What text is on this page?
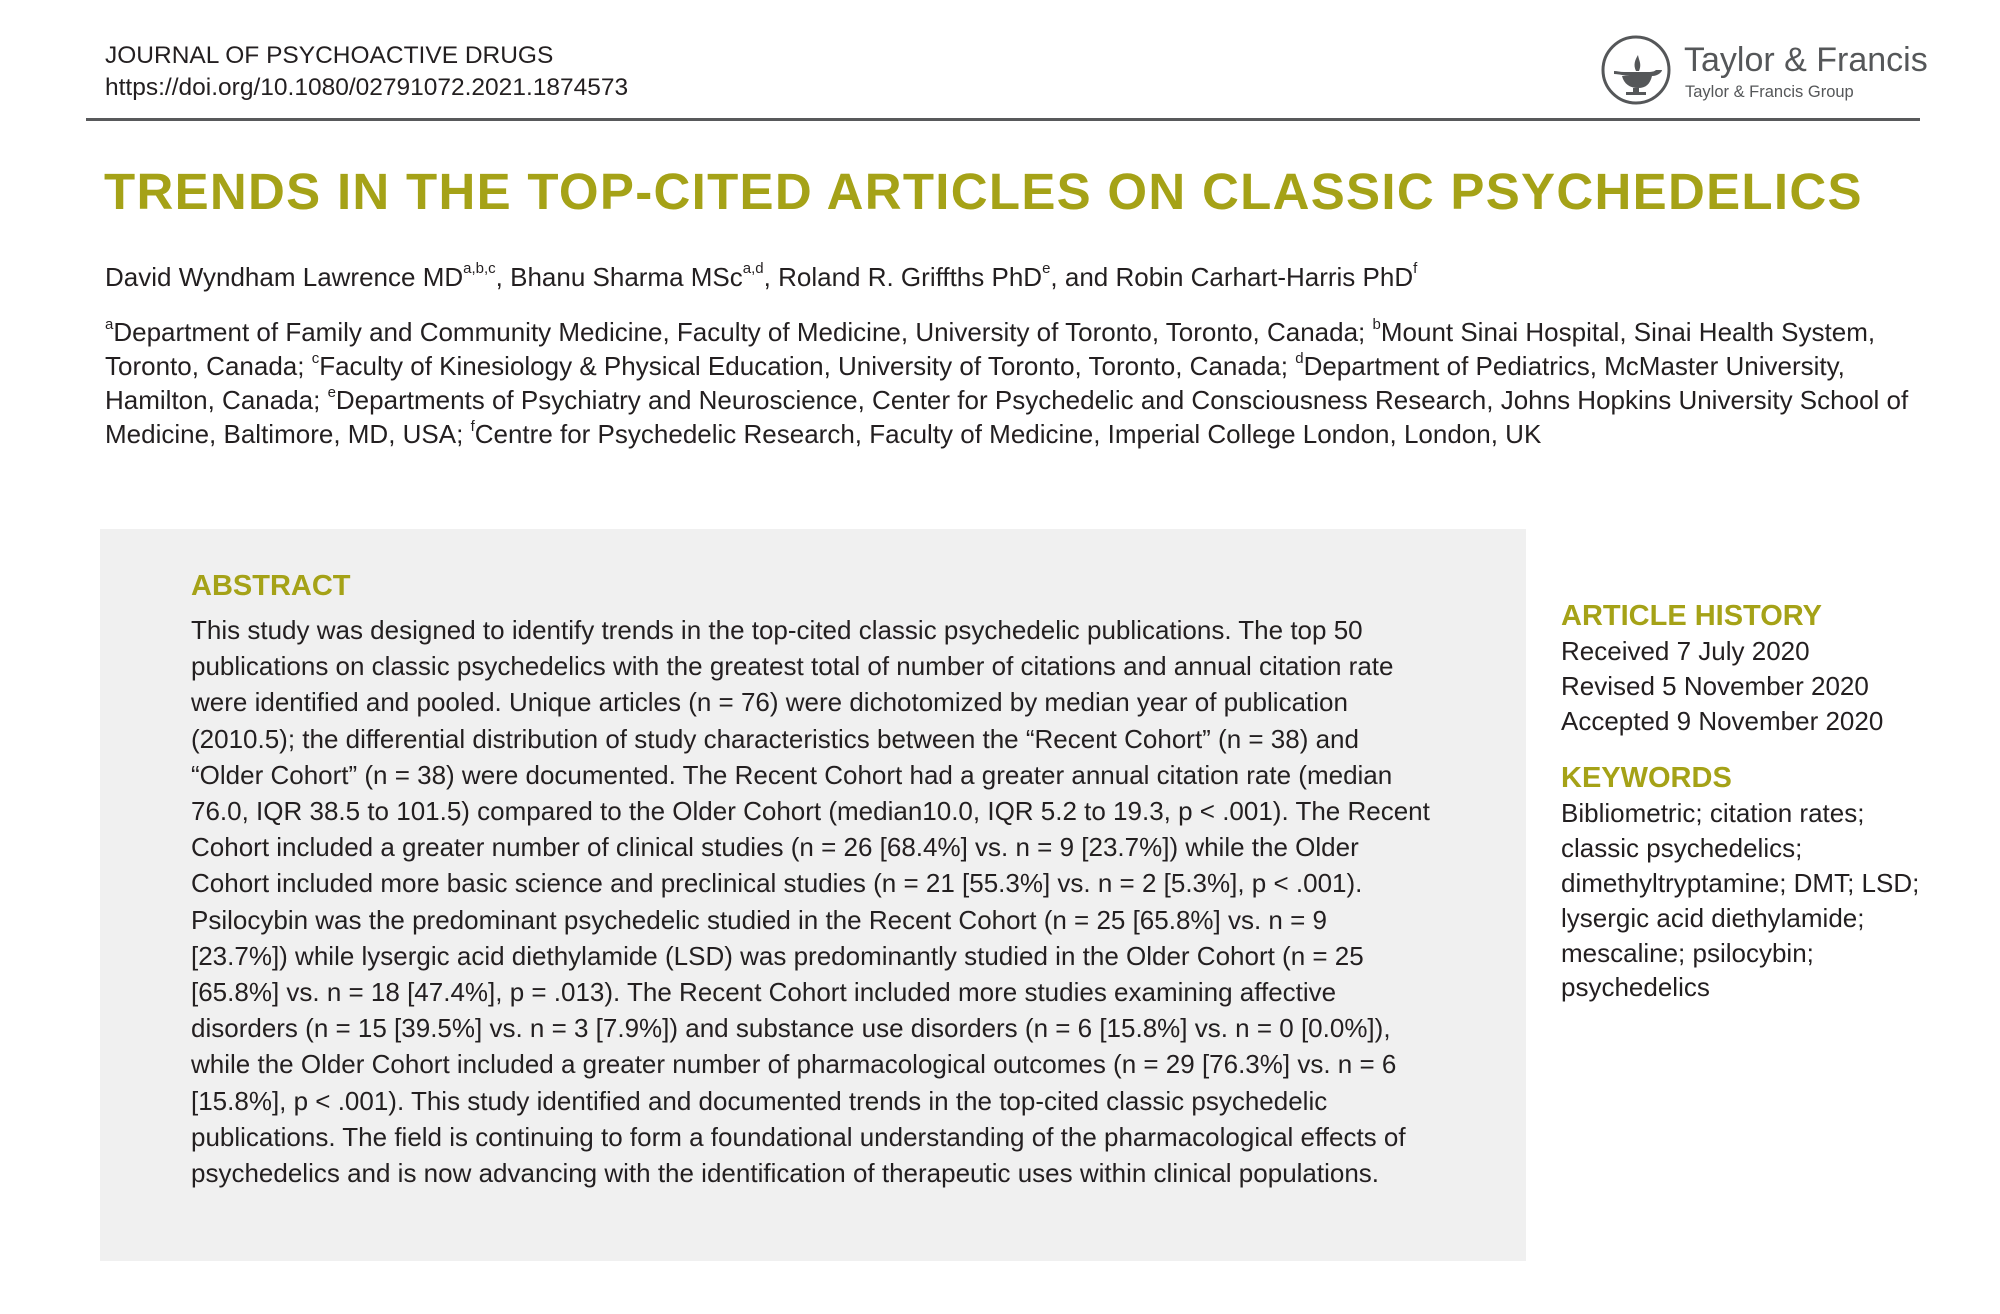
JOURNAL OF PSYCHOACTIVE DRUGS
https://doi.org/10.1080/02791072.2021.1874573
Taylor & Francis
Taylor & Francis Group
TRENDS IN THE TOP-CITED ARTICLES ON CLASSIC PSYCHEDELICS
David Wyndham Lawrence MD$^{a,b,c}$, Bhanu Sharma MSc$^{a,d}$, Roland R. Griffths PhD$^e$, and Robin Carhart-Harris PhD$^f$
$^a$Department of Family and Community Medicine, Faculty of Medicine, University of Toronto, Toronto, Canada; $^b$Mount Sinai Hospital, Sinai Health System, Toronto, Canada; $^c$Faculty of Kinesiology & Physical Education, University of Toronto, Toronto, Canada; $^d$Department of Pediatrics, McMaster University, Hamilton, Canada; $^e$Departments of Psychiatry and Neuroscience, Center for Psychedelic and Consciousness Research, Johns Hopkins University School of Medicine, Baltimore, MD, USA; $^f$Centre for Psychedelic Research, Faculty of Medicine, Imperial College London, London, UK
ABSTRACT
This study was designed to identify trends in the top-cited classic psychedelic publications. The top 50 publications on classic psychedelics with the greatest total of number of citations and annual citation rate were identified and pooled. Unique articles (n = 76) were dichotomized by median year of publication (2010.5); the differential distribution of study characteristics between the “Recent Cohort” (n = 38) and “Older Cohort” (n = 38) were documented. The Recent Cohort had a greater annual citation rate (median 76.0, IQR 38.5 to 101.5) compared to the Older Cohort (median10.0, IQR 5.2 to 19.3, p < .001). The Recent Cohort included a greater number of clinical studies (n = 26 [68.4%] vs. n = 9 [23.7%]) while the Older Cohort included more basic science and preclinical studies (n = 21 [55.3%] vs. n = 2 [5.3%], p < .001). Psilocybin was the predominant psychedelic studied in the Recent Cohort (n = 25 [65.8%] vs. n = 9 [23.7%]) while lysergic acid diethylamide (LSD) was predominantly studied in the Older Cohort (n = 25 [65.8%] vs. n = 18 [47.4%], p = .013). The Recent Cohort included more studies examining affective disorders (n = 15 [39.5%] vs. n = 3 [7.9%]) and substance use disorders (n = 6 [15.8%] vs. n = 0 [0.0%]), while the Older Cohort included a greater number of pharmacological outcomes (n = 29 [76.3%] vs. n = 6 [15.8%], p < .001). This study identified and documented trends in the top-cited classic psychedelic publications. The field is continuing to form a foundational understanding of the pharmacological effects of psychedelics and is now advancing with the identification of therapeutic uses within clinical populations.
ARTICLE HISTORY
Received 7 July 2020
Revised 5 November 2020
Accepted 9 November 2020
KEYWORDS
Bibliometric; citation rates; classic psychedelics; dimethyltryptamine; DMT; LSD; lysergic acid diethylamide; mescaline; psilocybin; psychedelics
